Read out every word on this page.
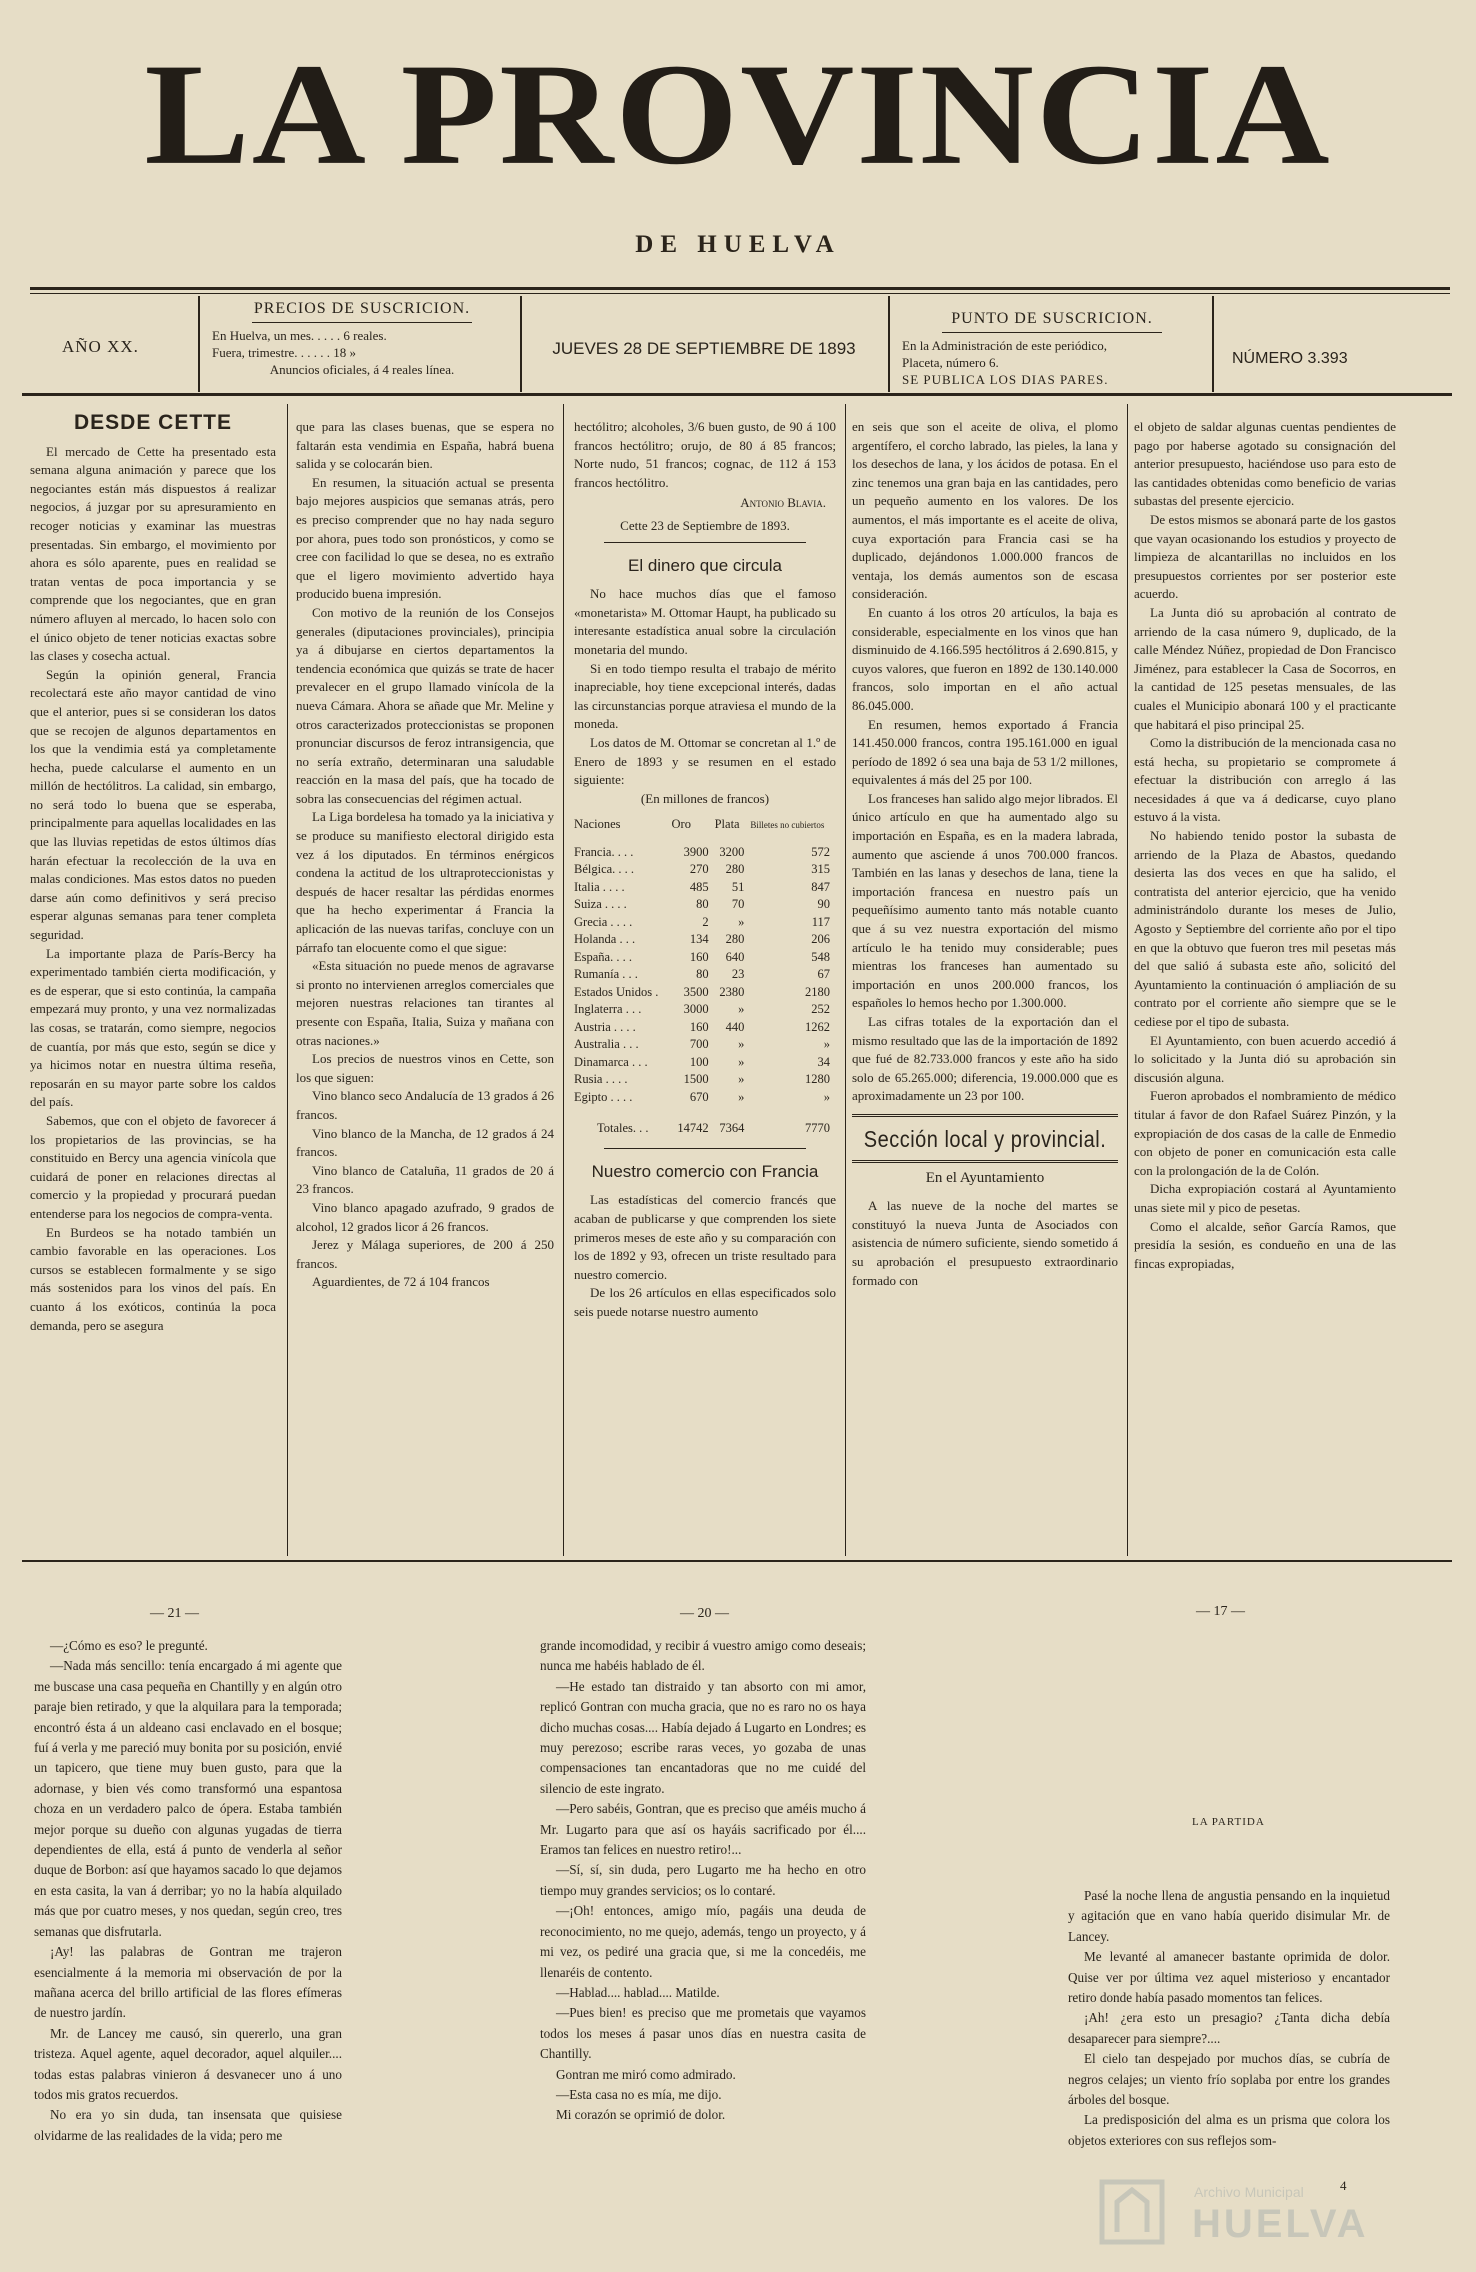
LA PROVINCIA
DE HUELVA
AÑO XX.
PRECIOS DE SUSCRICION.
En Huelva, un mes. . . . . 6 reales.
Fuera, trimestre. . . . . . 18 »
Anuncios oficiales, á 4 reales línea.
JUEVES 28 DE SEPTIEMBRE DE 1893
PUNTO DE SUSCRICION.
En la Administración de este periódico,
Placeta, número 6.
SE PUBLICA LOS DIAS PARES.
NÚMERO 3.393
DESDE CETTE

El mercado de Cette ha presentado esta semana alguna animación y parece que los negociantes están más dispuestos á realizar negocios, á juzgar por su apresuramiento en recoger noticias y examinar las muestras presentadas. Sin embargo, el movimiento por ahora es sólo aparente, pues en realidad se tratan ventas de poca importancia y se comprende que los negociantes, que en gran número afluyen al mercado, lo hacen solo con el único objeto de tener noticias exactas sobre las clases y cosecha actual.

Según la opinión general, Francia recolectará este año mayor cantidad de vino que el anterior, pues si se consideran los datos que se recojen de algunos departamentos en los que la vendimia está ya completamente hecha, puede calcularse el aumento en un millón de hectólitros. La calidad, sin embargo, no será todo lo buena que se esperaba, principalmente para aquellas localidades en las que las lluvias repetidas de estos últimos días harán efectuar la recolección de la uva en malas condiciones. Mas estos datos no pueden darse aún como definitivos y será preciso esperar algunas semanas para tener completa seguridad.

La importante plaza de París-Bercy ha experimentado también cierta modificación, y es de esperar, que si esto continúa, la campaña empezará muy pronto, y una vez normalizadas las cosas, se tratarán, como siempre, negocios de cuantía, por más que esto, según se dice y ya hicimos notar en nuestra última reseña, reposarán en su mayor parte sobre los caldos del país.

Sabemos, que con el objeto de favorecer á los propietarios de las provincias, se ha constituido en Bercy una agencia vinícola que cuidará de poner en relaciones directas al comercio y la propiedad y procurará puedan entenderse para los negocios de compra-venta.

En Burdeos se ha notado también un cambio favorable en las operaciones. Los cursos se establecen formalmente y se sigo más sostenidos para los vinos del país. En cuanto á los exóticos, continúa la poca demanda, pero se asegura

que para las clases buenas, que se espera no faltarán esta vendimia en España, habrá buena salida y se colocarán bien.

En resumen, la situación actual se presenta bajo mejores auspicios que semanas atrás, pero es preciso comprender que no hay nada seguro por ahora, pues todo son pronósticos, y como se cree con facilidad lo que se desea, no es extraño que el ligero movimiento advertido haya producido buena impresión.

Con motivo de la reunión de los Consejos generales (diputaciones provinciales), principia ya á dibujarse en ciertos departamentos la tendencia económica que quizás se trate de hacer prevalecer en el grupo llamado vinícola de la nueva Cámara. Ahora se añade que Mr. Meline y otros caracterizados proteccionistas se proponen pronunciar discursos de feroz intransigencia, que no sería extraño, determinaran una saludable reacción en la masa del país, que ha tocado de sobra las consecuencias del régimen actual.

La Liga bordelesa ha tomado ya la iniciativa y se produce su manifiesto electoral dirigido esta vez á los diputados. En términos enérgicos condena la actitud de los ultraproteccionistas y después de hacer resaltar las pérdidas enormes que ha hecho experimentar á Francia la aplicación de las nuevas tarifas, concluye con un párrafo tan elocuente como el que sigue:

«Esta situación no puede menos de agravarse si pronto no intervienen arreglos comerciales que mejoren nuestras relaciones tan tirantes al presente con España, Italia, Suiza y mañana con otras naciones.»

Los precios de nuestros vinos en Cette, son los que siguen:

Vino blanco seco Andalucía de 13 grados á 26 francos.

Vino blanco de la Mancha, de 12 grados á 24 francos.

Vino blanco de Cataluña, 11 grados de 20 á 23 francos.

Vino blanco apagado azufrado, 9 grados de alcohol, 12 grados licor á 26 francos.

Jerez y Málaga superiores, de 200 á 250 francos.

Aguardientes, de 72 á 104 francos

hectólitro; alcoholes, 3/6 buen gusto, de 90 á 100 francos hectólitro; orujo, de 80 á 85 francos; Norte nudo, 51 francos; cognac, de 112 á 153 francos hectólitro.

Antonio Blavia.
Cette 23 de Septiembre de 1893.
El dinero que circula

No hace muchos días que el famoso «monetarista» M. Ottomar Haupt, ha publicado su interesante estadística anual sobre la circulación monetaria del mundo.

Si en todo tiempo resulta el trabajo de mérito inapreciable, hoy tiene excepcional interés, dadas las circunstancias porque atraviesa el mundo de la moneda.

Los datos de M. Ottomar se concretan al 1.º de Enero de 1893 y se resumen en el estado siguiente:

(En millones de francos)
Naciones	Oro	Plata	Billetes no cubiertos
Francia. . . .	3900	3200	572
Bélgica. . . .	270	280	315
Italia . . . .	485	51	847
Suiza . . . .	80	70	90
Grecia . . . .	2	»	117
Holanda . . .	134	280	206
España. . . .	160	640	548
Rumanía . . .	80	23	67
Estados Unidos .	3500	2380	2180
Inglaterra . . .	3000	»	252
Austria . . . .	160	440	1262
Australia . . .	700	»	»
Dinamarca . . .	100	»	34
Rusia . . . .	1500	»	1280
Egipto . . . .	670	»	»
Totales. . .	14742	7364	7770
Nuestro comercio con Francia

Las estadísticas del comercio francés que acaban de publicarse y que comprenden los siete primeros meses de este año y su comparación con los de 1892 y 93, ofrecen un triste resultado para nuestro comercio.

De los 26 artículos en ellas especificados solo seis puede notarse nuestro aumento

en seis que son el aceite de oliva, el plomo argentífero, el corcho labrado, las pieles, la lana y los desechos de lana, y los ácidos de potasa. En el zinc tenemos una gran baja en las cantidades, pero un pequeño aumento en los valores. De los aumentos, el más importante es el aceite de oliva, cuya exportación para Francia casi se ha duplicado, dejándonos 1.000.000 francos de ventaja, los demás aumentos son de escasa consideración.

En cuanto á los otros 20 artículos, la baja es considerable, especialmente en los vinos que han disminuido de 4.166.595 hectólitros á 2.690.815, y cuyos valores, que fueron en 1892 de 130.140.000 francos, solo importan en el año actual 86.045.000.

En resumen, hemos exportado á Francia 141.450.000 francos, contra 195.161.000 en igual período de 1892 ó sea una baja de 53 1/2 millones, equivalentes á más del 25 por 100.

Los franceses han salido algo mejor librados. El único artículo en que ha aumentado algo su importación en España, es en la madera labrada, aumento que asciende á unos 700.000 francos. También en las lanas y desechos de lana, tiene la importación francesa en nuestro país un pequeñísimo aumento tanto más notable cuanto que á su vez nuestra exportación del mismo artículo le ha tenido muy considerable; pues mientras los franceses han aumentado su importación en unos 200.000 francos, los españoles lo hemos hecho por 1.300.000.

Las cifras totales de la exportación dan el mismo resultado que las de la importación de 1892 que fué de 82.733.000 francos y este año ha sido solo de 65.265.000; diferencia, 19.000.000 que es aproximadamente un 23 por 100.

Sección local y provincial.
En el Ayuntamiento

A las nueve de la noche del martes se constituyó la nueva Junta de Asociados con asistencia de número suficiente, siendo sometido á su aprobación el presupuesto extraordinario formado con

el objeto de saldar algunas cuentas pendientes de pago por haberse agotado su consignación del anterior presupuesto, haciéndose uso para esto de las cantidades obtenidas como beneficio de varias subastas del presente ejercicio.

De estos mismos se abonará parte de los gastos que vayan ocasionando los estudios y proyecto de limpieza de alcantarillas no incluidos en los presupuestos corrientes por ser posterior este acuerdo.

La Junta dió su aprobación al contrato de arriendo de la casa número 9, duplicado, de la calle Méndez Núñez, propiedad de Don Francisco Jiménez, para establecer la Casa de Socorros, en la cantidad de 125 pesetas mensuales, de las cuales el Municipio abonará 100 y el practicante que habitará el piso principal 25.

Como la distribución de la mencionada casa no está hecha, su propietario se compromete á efectuar la distribución con arreglo á las necesidades á que va á dedicarse, cuyo plano estuvo á la vista.

No habiendo tenido postor la subasta de arriendo de la Plaza de Abastos, quedando desierta las dos veces en que ha salido, el contratista del anterior ejercicio, que ha venido administrándolo durante los meses de Julio, Agosto y Septiembre del corriente año por el tipo en que la obtuvo que fueron tres mil pesetas más del que salió á subasta este año, solicitó del Ayuntamiento la continuación ó ampliación de su contrato por el corriente año siempre que se le cediese por el tipo de subasta.

El Ayuntamiento, con buen acuerdo accedió á lo solicitado y la Junta dió su aprobación sin discusión alguna.

Fueron aprobados el nombramiento de médico titular á favor de don Rafael Suárez Pinzón, y la expropiación de dos casas de la calle de Enmedio con objeto de poner en comunicación esta calle con la prolongación de la de Colón.

Dicha expropiación costará al Ayuntamiento unas siete mil y pico de pesetas.

Como el alcalde, señor García Ramos, que presidía la sesión, es condueño en una de las fincas expropiadas,

— 21 —	— 20 —	— 17 —

—¿Cómo es eso? le pregunté.

—Nada más sencillo: tenía encargado á mi agente que me buscase una casa pequeña en Chantilly y en algún otro paraje bien retirado, y que la alquilara para la temporada; encontró ésta á un aldeano casi enclavado en el bosque; fuí á verla y me pareció muy bonita por su posición, envié un tapicero, que tiene muy buen gusto, para que la adornase, y bien vés como transformó una espantosa choza en un verdadero palco de ópera. Estaba también mejor porque su dueño con algunas yugadas de tierra dependientes de ella, está á punto de venderla al señor duque de Borbon: así que hayamos sacado lo que dejamos en esta casita, la van á derribar; yo no la había alquilado más que por cuatro meses, y nos quedan, según creo, tres semanas que disfrutarla.

¡Ay! las palabras de Gontran me trajeron esencialmente á la memoria mi observación de por la mañana acerca del brillo artificial de las flores efímeras de nuestro jardín.

Mr. de Lancey me causó, sin quererlo, una gran tristeza. Aquel agente, aquel decorador, aquel alquiler.... todas estas palabras vinieron á desvanecer uno á uno todos mis gratos recuerdos.

No era yo sin duda, tan insensata que quisiese olvidarme de las realidades de la vida; pero me

grande incomodidad, y recibir á vuestro amigo como deseais; nunca me habéis hablado de él.

—He estado tan distraido y tan absorto con mi amor, replicó Gontran con mucha gracia, que no es raro no os haya dicho muchas cosas.... Había dejado á Lugarto en Londres; es muy perezoso; escribe raras veces, yo gozaba de unas compensaciones tan encantadoras que no me cuidé del silencio de este ingrato.

—Pero sabéis, Gontran, que es preciso que améis mucho á Mr. Lugarto para que así os hayáis sacrificado por él.... Eramos tan felices en nuestro retiro!...

—Sí, sí, sin duda, pero Lugarto me ha hecho en otro tiempo muy grandes servicios; os lo contaré.

—¡Oh! entonces, amigo mío, pagáis una deuda de reconocimiento, no me quejo, además, tengo un proyecto, y á mi vez, os pediré una gracia que, si me la concedéis, me llenaréis de contento.

—Hablad.... hablad.... Matilde.

—Pues bien! es preciso que me prometais que vayamos todos los meses á pasar unos días en nuestra casita de Chantilly.

Gontran me miró como admirado.

—Esta casa no es mía, me dijo.

Mi corazón se oprimió de dolor.

LA PARTIDA

Pasé la noche llena de angustia pensando en la inquietud y agitación que en vano había querido disimular Mr. de Lancey.

Me levanté al amanecer bastante oprimida de dolor. Quise ver por última vez aquel misterioso y encantador retiro donde había pasado momentos tan felices.

¡Ah! ¿era esto un presagio? ¿Tanta dicha debía desaparecer para siempre?....

El cielo tan despejado por muchos días, se cubría de negros celajes; un viento frío soplaba por entre los grandes árboles del bosque.

La predisposición del alma es un prisma que colora los objetos exteriores con sus reflejos som-

4
Archivo Municipal
HUELVA
